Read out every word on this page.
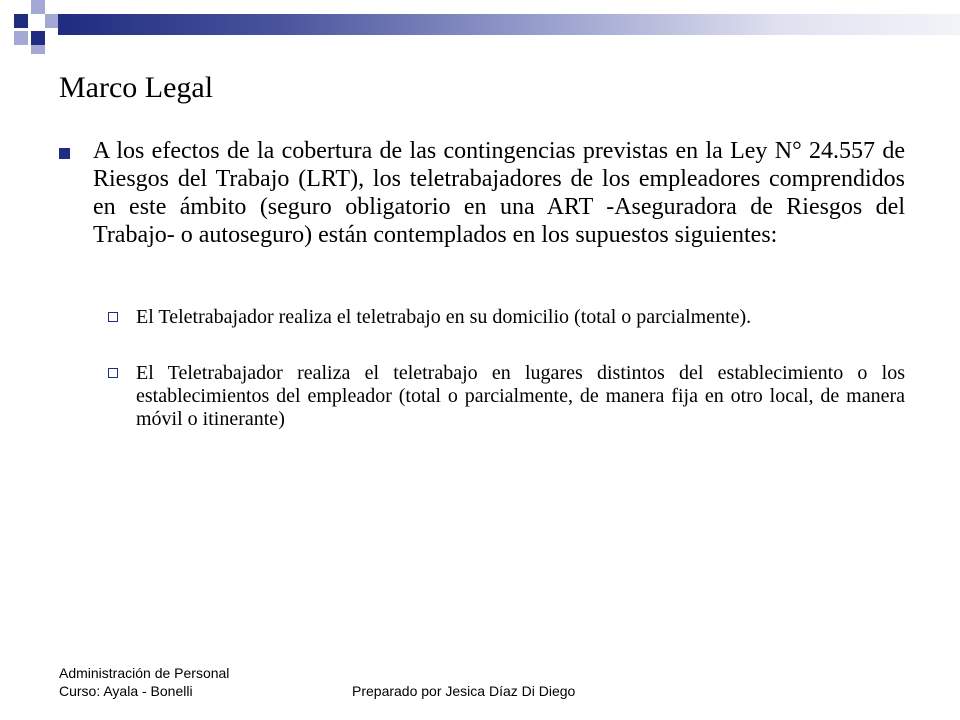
Marco Legal

A los efectos de la cobertura de las contingencias previstas en la Ley N° 24.557 de Riesgos del Trabajo (LRT), los teletrabajadores de los empleadores comprendidos en este ámbito (seguro obligatorio en una ART -Aseguradora de Riesgos del Trabajo- o autoseguro) están contemplados en los supuestos siguientes:

El Teletrabajador realiza el teletrabajo en su domicilio (total o parcialmente).

El Teletrabajador realiza el teletrabajo en lugares distintos del establecimiento o los establecimientos del empleador (total o parcialmente, de manera fija en otro local, de manera móvil o itinerante)

Administración de Personal
Curso: Ayala - Bonelli	Preparado por Jesica Díaz Di Diego
